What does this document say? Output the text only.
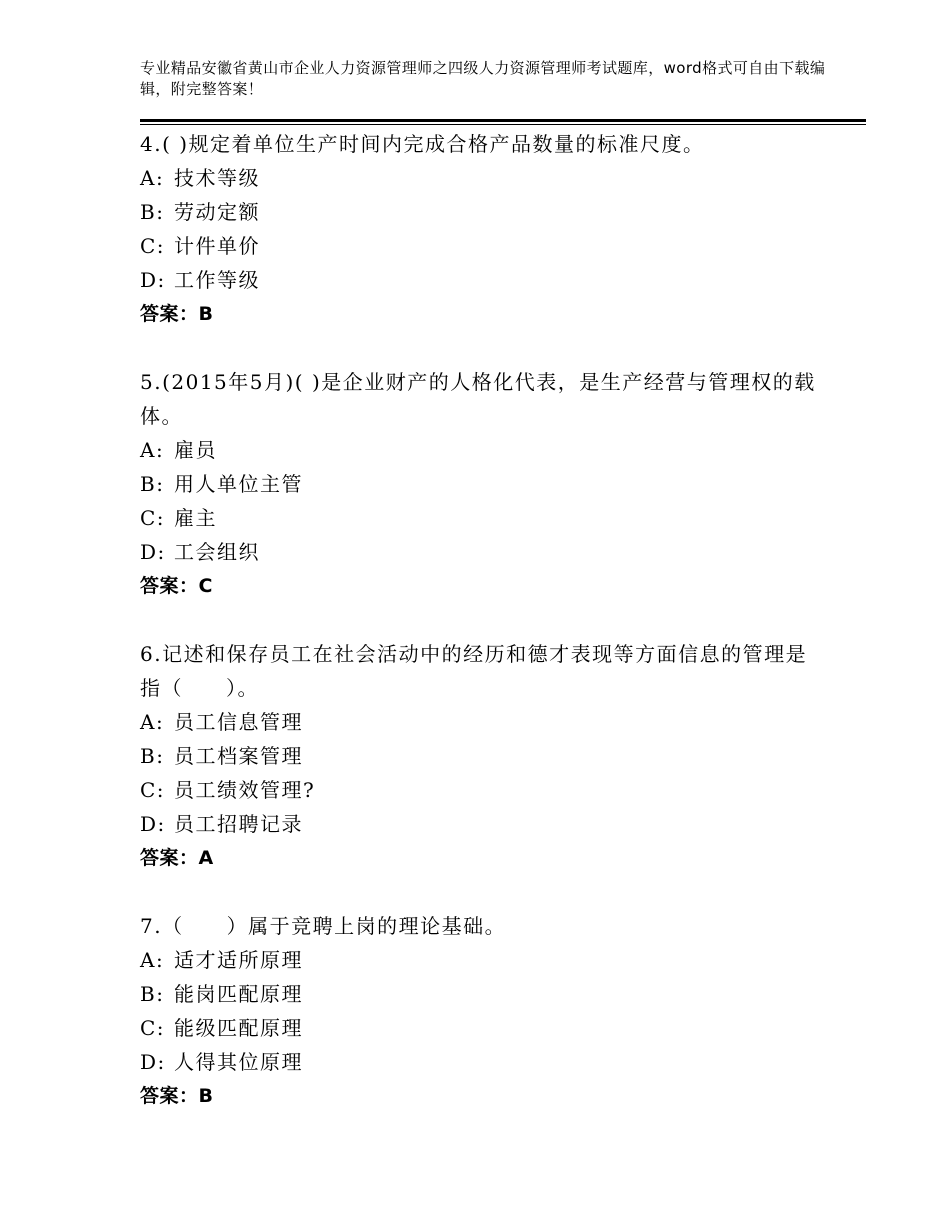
专业精品安徽省黄山市企业人力资源管理师之四级人力资源管理师考试题库，word格式可自由下载编辑，附完整答案！
4.( )规定着单位生产时间内完成合格产品数量的标准尺度。
A: 技术等级
B: 劳动定额
C: 计件单价
D: 工作等级
答案：B
5.(2015年5月)( )是企业财产的人格化代表，是生产经营与管理权的载体。
A: 雇员
B: 用人单位主管
C: 雇主
D: 工会组织
答案：C
6.记述和保存员工在社会活动中的经历和德才表现等方面信息的管理是指（　　）。
A: 员工信息管理
B: 员工档案管理
C: 员工绩效管理?
D: 员工招聘记录
答案：A
7.（　　）属于竞聘上岗的理论基础。
A: 适才适所原理
B: 能岗匹配原理
C: 能级匹配原理
D: 人得其位原理
答案：B
